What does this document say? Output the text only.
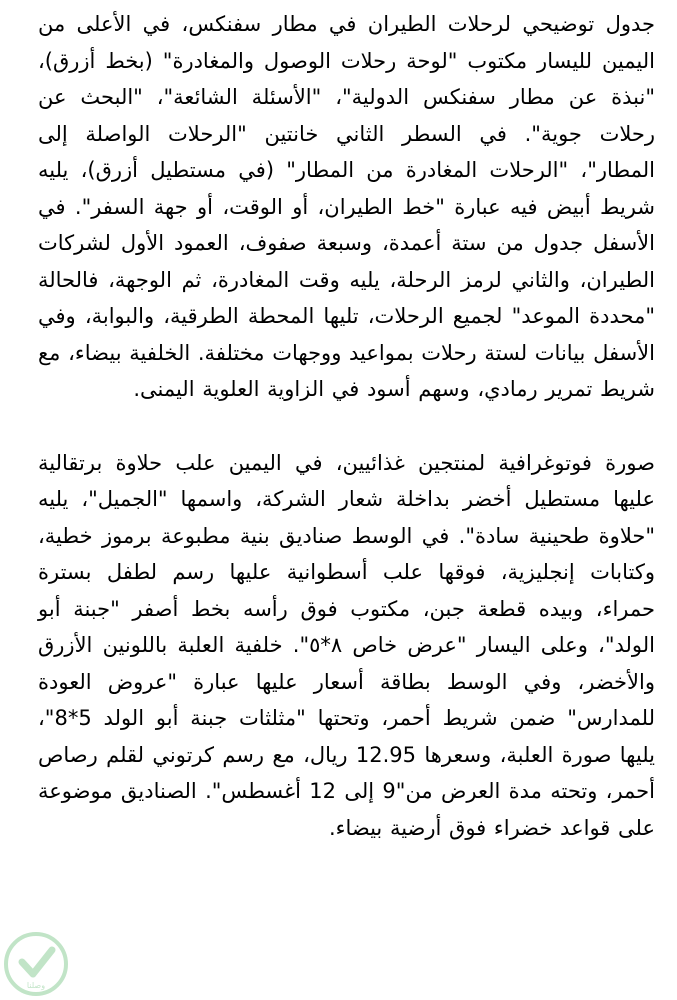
جدول توضيحي لرحلات الطيران في مطار سفنكس، في الأعلى من اليمين لليسار مكتوب "لوحة رحلات الوصول والمغادرة" (بخط أزرق)، "نبذة عن مطار سفنكس الدولية"، "الأسئلة الشائعة"، "البحث عن رحلات جوية". في السطر الثاني خانتين "الرحلات الواصلة إلى المطار"، "الرحلات المغادرة من المطار" (في مستطيل أزرق)، يليه شريط أبيض فيه عبارة "خط الطيران، أو الوقت، أو جهة السفر". في الأسفل جدول من ستة أعمدة، وسبعة صفوف، العمود الأول لشركات الطيران، والثاني لرمز الرحلة، يليه وقت المغادرة، ثم الوجهة، فالحالة "محددة الموعد" لجميع الرحلات، تليها المحطة الطرقية، والبوابة، وفي الأسفل بيانات لستة رحلات بمواعيد ووجهات مختلفة. الخلفية بيضاء، مع شريط تمرير رمادي، وسهم أسود في الزاوية العلوية اليمنى.

صورة فوتوغرافية لمنتجين غذائيين، في اليمين علب حلاوة برتقالية عليها مستطيل أخضر بداخلة شعار الشركة، واسمها "الجميل"، يليه "حلاوة طحينية سادة". في الوسط صناديق بنية مطبوعة برموز خطية، وكتابات إنجليزية، فوقها علب أسطوانية عليها رسم لطفل بسترة حمراء، وبيده قطعة جبن، مكتوب فوق رأسه بخط أصفر "جبنة أبو الولد"، وعلى اليسار "عرض خاص ٨*٥". خلفية العلبة باللونين الأزرق والأخضر، وفي الوسط بطاقة أسعار عليها عبارة "عروض العودة للمدارس" ضمن شريط أحمر، وتحتها "مثلثات جبنة أبو الولد 5*8"، يليها صورة العلبة، وسعرها 12.95 ريال، مع رسم كرتوني لقلم رصاص أحمر، وتحته مدة العرض من"9 إلى 12 أغسطس". الصناديق موضوعة على قواعد خضراء فوق أرضية بيضاء.

وصلنا
